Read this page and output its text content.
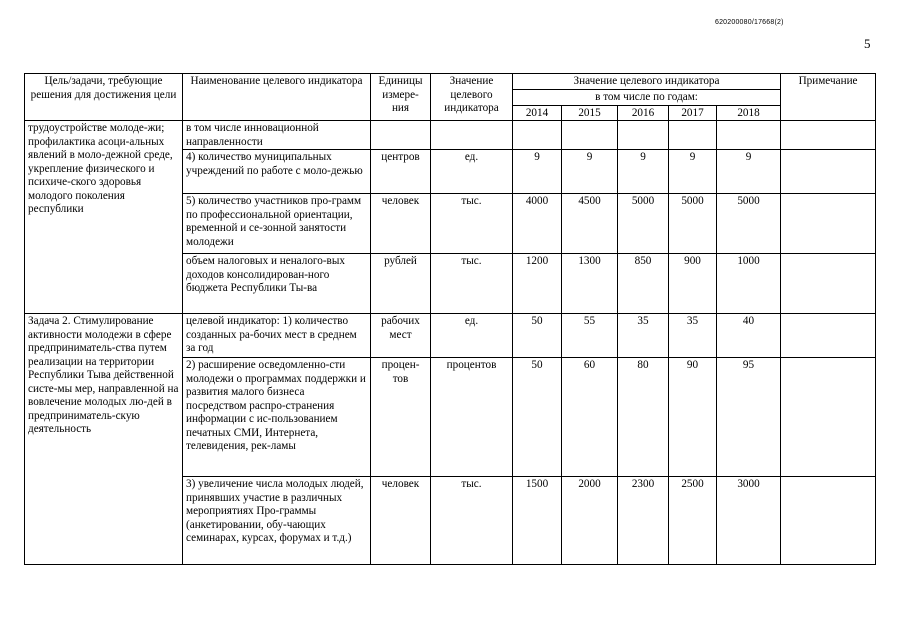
620200080/17668(2)
5
Цель/задачи, требующие решения для достижения цели	Наименование целевого индикатора	Единицы измере-ния	Значение целевого индикатора	Значение целевого индикатора					Примечание
				в том числе по годам:					
				2014	2015	2016	2017	2018	
трудоустройстве молоде-жи; профилактика асоци-альных явлений в моло-дежной среде, укрепление физического и психиче-ского здоровья молодого поколения республики	в том числе инновационной направленности								
	4) количество муниципальных учреждений по работе с моло-дежью	центров	ед.	9	9	9	9	9	
	5) количество участников про-грамм по профессиональной ориентации, временной и се-зонной занятости молодежи	человек	тыс.	4000	4500	5000	5000	5000	
	объем налоговых и неналого-вых доходов консолидирован-ного бюджета Республики Ты-ва	рублей	тыс.	1200	1300	850	900	1000	
Задача 2. Стимулирование активности молодежи в сфере предприниматель-ства путем реализации на территории Республики Тыва действенной систе-мы мер, направленной на вовлечение молодых лю-дей в предприниматель-скую деятельность	целевой индикатор: 1) количество созданных ра-бочих мест в среднем за год	рабочих мест	ед.	50	55	35	35	40	
	2) расширение осведомленно-сти молодежи о программах поддержки и развития малого бизнеса посредством распро-странения информации с ис-пользованием печатных СМИ, Интернета, телевидения, рек-ламы	процен-тов	процентов	50	60	80	90	95	
	3) увеличение числа молодых людей, принявших участие в различных мероприятиях Про-граммы (анкетировании, обу-чающих семинарах, курсах, форумах и т.д.)	человек	тыс.	1500	2000	2300	2500	3000	
